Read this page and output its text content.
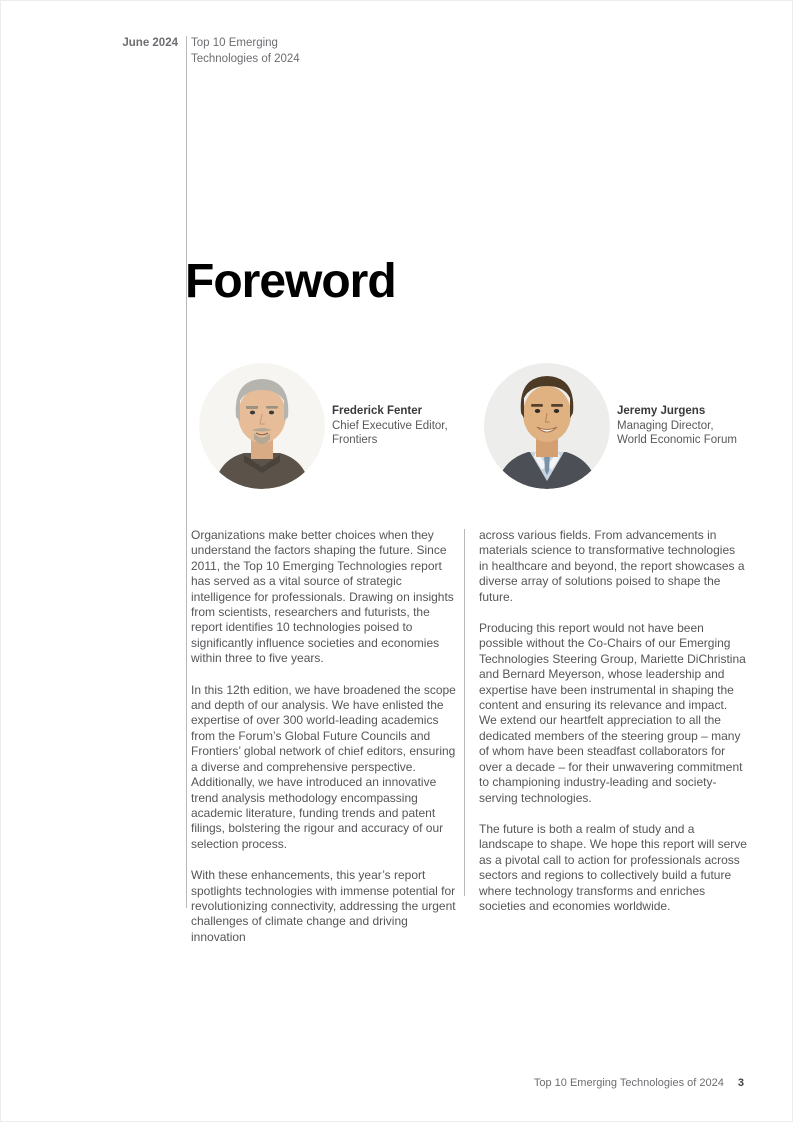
June 2024 Top 10 Emerging
Technologies of 2024
Foreword
Frederick Fenter
Chief Executive Editor,
Frontiers
Jeremy Jurgens
Managing Director,
World Economic Forum

Organizations make better choices when they understand the factors shaping the future. Since 2011, the Top 10 Emerging Technologies report has served as a vital source of strategic intelligence for professionals. Drawing on insights from scientists, researchers and futurists, the report identifies 10 technologies poised to significantly influence societies and economies within three to five years.

In this 12th edition, we have broadened the scope and depth of our analysis. We have enlisted the expertise of over 300 world-leading academics from the Forum’s Global Future Councils and Frontiers’ global network of chief editors, ensuring a diverse and comprehensive perspective. Additionally, we have introduced an innovative trend analysis methodology encompassing academic literature, funding trends and patent filings, bolstering the rigour and accuracy of our selection process.

With these enhancements, this year’s report spotlights technologies with immense potential for revolutionizing connectivity, addressing the urgent challenges of climate change and driving innovation

across various fields. From advancements in materials science to transformative technologies in healthcare and beyond, the report showcases a diverse array of solutions poised to shape the future.

Producing this report would not have been possible without the Co-Chairs of our Emerging Technologies Steering Group, Mariette DiChristina and Bernard Meyerson, whose leadership and expertise have been instrumental in shaping the content and ensuring its relevance and impact. We extend our heartfelt appreciation to all the dedicated members of the steering group – many of whom have been steadfast collaborators for over a decade – for their unwavering commitment to championing industry-leading and society-serving technologies.

The future is both a realm of study and a landscape to shape. We hope this report will serve as a pivotal call to action for professionals across sectors and regions to collectively build a future where technology transforms and enriches societies and economies worldwide.

Top 10 Emerging Technologies of 2024 3
